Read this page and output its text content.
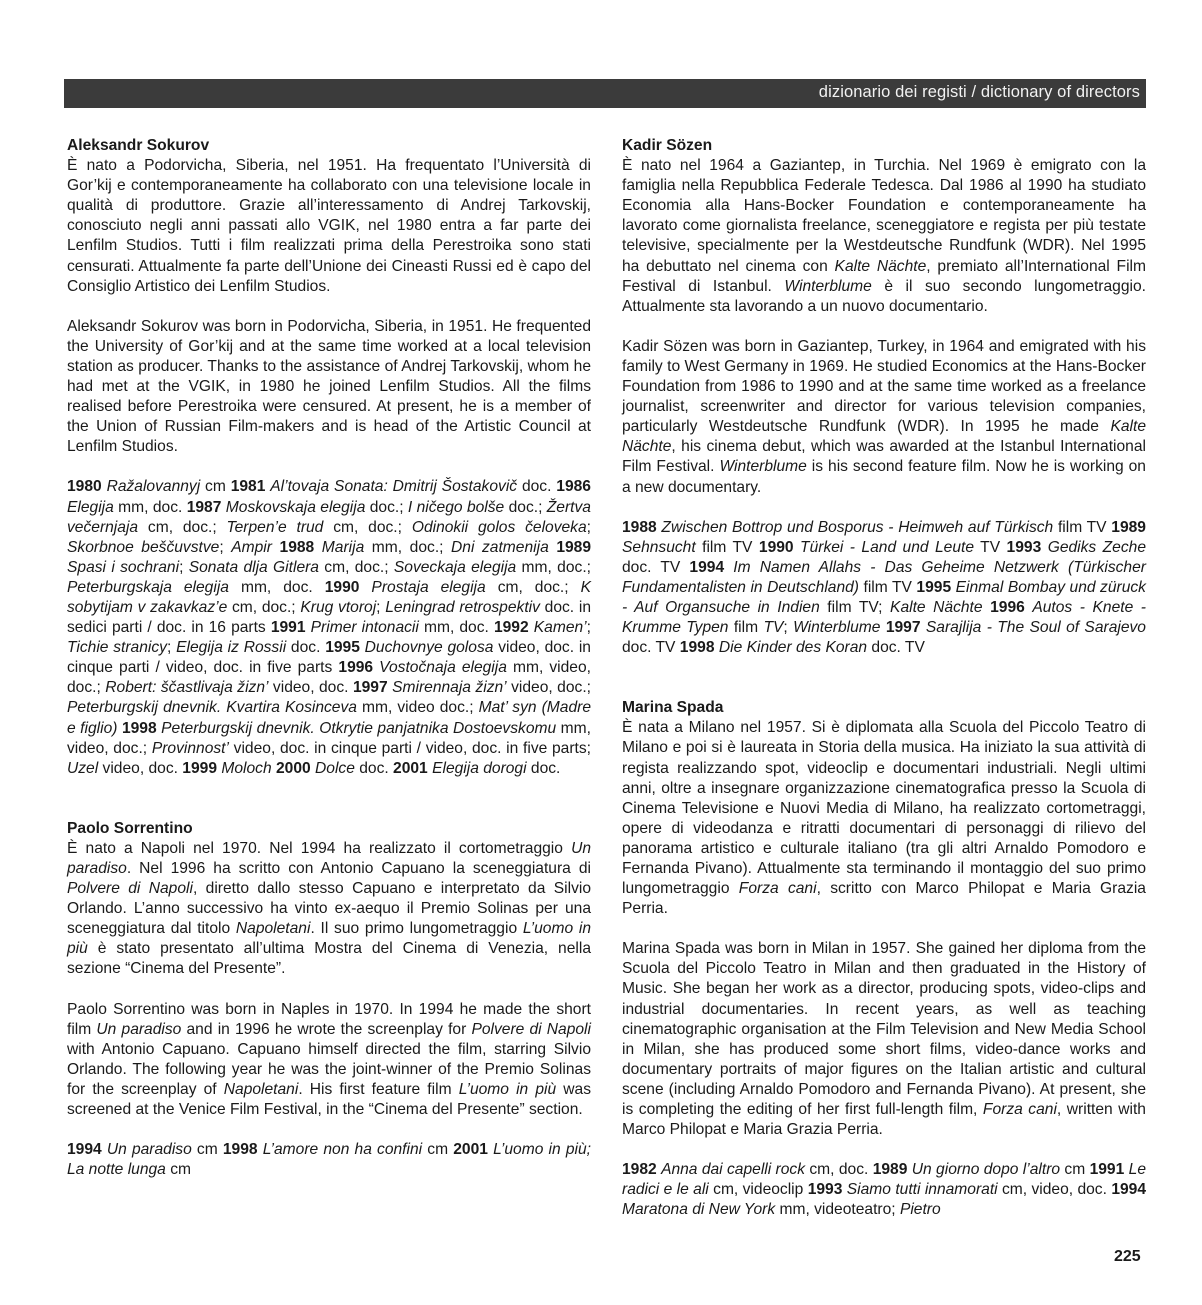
dizionario dei registi / dictionary of directors

Aleksandr Sokurov

È nato a Podorvicha, Siberia, nel 1951. Ha frequentato l’Università di Gor’kij e contemporaneamente ha collaborato con una televisione locale in qualità di produttore. Grazie all’interessamento di Andrej Tarkovskij, conosciuto negli anni passati allo VGIK, nel 1980 entra a far parte dei Lenfilm Studios. Tutti i film realizzati prima della Perestroika sono stati censurati. Attualmente fa parte dell’Unione dei Cineasti Russi ed è capo del Consiglio Artistico dei Lenfilm Studios.

Aleksandr Sokurov was born in Podorvicha, Siberia, in 1951. He frequented the University of Gor’kij and at the same time worked at a local television station as producer. Thanks to the assistance of Andrej Tarkovskij, whom he had met at the VGIK, in 1980 he joined Lenfilm Studios. All the films realised before Perestroika were censured. At present, he is a member of the Union of Russian Film-makers and is head of the Artistic Council at Lenfilm Studios.

1980 Ražalovannyj cm 1981 Al’tovaja Sonata: Dmitrij Šostakovič doc. 1986 Elegija mm, doc. 1987 Moskovskaja elegija doc.; I ničego bolše doc.; Žertva večernjaja cm, doc.; Terpen’e trud cm, doc.; Odinokii golos čeloveka; Skorbnoe beščuvstve; Ampir 1988 Marija mm, doc.; Dni zatmenija 1989 Spasi i sochrani; Sonata dlja Gitlera cm, doc.; Soveckaja elegija mm, doc.; Peterburgskaja elegija mm, doc. 1990 Prostaja elegija cm, doc.; K sobytijam v zakavkaz’e cm, doc.; Krug vtoroj; Leningrad retrospektiv doc. in sedici parti / doc. in 16 parts 1991 Primer intonacii mm, doc. 1992 Kamen’; Tichie stranicy; Elegija iz Rossii doc. 1995 Duchovnye golosa video, doc. in cinque parti / video, doc. in five parts 1996 Vostočnaja elegija mm, video, doc.; Robert: ščastlivaja žizn’ video, doc. 1997 Smirennaja žizn’ video, doc.; Peterburgskij dnevnik. Kvartira Kosinceva mm, video doc.; Mat’ syn (Madre e figlio) 1998 Peterburgskij dnevnik. Otkrytie panjatnika Dostoevskomu mm, video, doc.; Provinnost’ video, doc. in cinque parti / video, doc. in five parts; Uzel video, doc. 1999 Moloch 2000 Dolce doc. 2001 Elegija dorogi doc.

Paolo Sorrentino

È nato a Napoli nel 1970. Nel 1994 ha realizzato il cortometraggio Un paradiso. Nel 1996 ha scritto con Antonio Capuano la sceneggiatura di Polvere di Napoli, diretto dallo stesso Capuano e interpretato da Silvio Orlando. L’anno successivo ha vinto ex-aequo il Premio Solinas per una sceneggiatura dal titolo Napoletani. Il suo primo lungometraggio L’uomo in più è stato presentato all’ultima Mostra del Cinema di Venezia, nella sezione “Cinema del Presente”.

Paolo Sorrentino was born in Naples in 1970. In 1994 he made the short film Un paradiso and in 1996 he wrote the screenplay for Polvere di Napoli with Antonio Capuano. Capuano himself directed the film, starring Silvio Orlando. The following year he was the joint-winner of the Premio Solinas for the screenplay of Napoletani. His first feature film L’uomo in più was screened at the Venice Film Festival, in the “Cinema del Presente” section.

1994 Un paradiso cm 1998 L’amore non ha confini cm 2001 L’uomo in più; La notte lunga cm

Kadir Sözen

È nato nel 1964 a Gaziantep, in Turchia. Nel 1969 è emigrato con la famiglia nella Repubblica Federale Tedesca. Dal 1986 al 1990 ha studiato Economia alla Hans-Bocker Foundation e contemporaneamente ha lavorato come giornalista freelance, sceneggiatore e regista per più testate televisive, specialmente per la Westdeutsche Rundfunk (WDR). Nel 1995 ha debuttato nel cinema con Kalte Nächte, premiato all’International Film Festival di Istanbul. Winterblume è il suo secondo lungometraggio. Attualmente sta lavorando a un nuovo documentario.

Kadir Sözen was born in Gaziantep, Turkey, in 1964 and emigrated with his family to West Germany in 1969. He studied Economics at the Hans-Bocker Foundation from 1986 to 1990 and at the same time worked as a freelance journalist, screenwriter and director for various television companies, particularly Westdeutsche Rundfunk (WDR). In 1995 he made Kalte Nächte, his cinema debut, which was awarded at the Istanbul International Film Festival. Winterblume is his second feature film. Now he is working on a new documentary.

1988 Zwischen Bottrop und Bosporus - Heimweh auf Türkisch film TV 1989 Sehnsucht film TV 1990 Türkei - Land und Leute TV 1993 Gediks Zeche doc. TV 1994 Im Namen Allahs - Das Geheime Netzwerk (Türkischer Fundamentalisten in Deutschland) film TV 1995 Einmal Bombay und züruck - Auf Organsuche in Indien film TV; Kalte Nächte 1996 Autos - Knete - Krumme Typen film TV; Winterblume 1997 Sarajlija - The Soul of Sarajevo doc. TV 1998 Die Kinder des Koran doc. TV

Marina Spada

È nata a Milano nel 1957. Si è diplomata alla Scuola del Piccolo Teatro di Milano e poi si è laureata in Storia della musica. Ha iniziato la sua attività di regista realizzando spot, videoclip e documentari industriali. Negli ultimi anni, oltre a insegnare organizzazione cinematografica presso la Scuola di Cinema Televisione e Nuovi Media di Milano, ha realizzato cortometraggi, opere di videodanza e ritratti documentari di personaggi di rilievo del panorama artistico e culturale italiano (tra gli altri Arnaldo Pomodoro e Fernanda Pivano). Attualmente sta terminando il montaggio del suo primo lungometraggio Forza cani, scritto con Marco Philopat e Maria Grazia Perria.

Marina Spada was born in Milan in 1957. She gained her diploma from the Scuola del Piccolo Teatro in Milan and then graduated in the History of Music. She began her work as a director, producing spots, video-clips and industrial documentaries. In recent years, as well as teaching cinematographic organisation at the Film Television and New Media School in Milan, she has produced some short films, video-dance works and documentary portraits of major figures on the Italian artistic and cultural scene (including Arnaldo Pomodoro and Fernanda Pivano). At present, she is completing the editing of her first full-length film, Forza cani, written with Marco Philopat e Maria Grazia Perria.

1982 Anna dai capelli rock cm, doc. 1989 Un giorno dopo l’altro cm 1991 Le radici e le ali cm, videoclip 1993 Siamo tutti innamorati cm, video, doc. 1994 Maratona di New York mm, videoteatro; Pietro

225
